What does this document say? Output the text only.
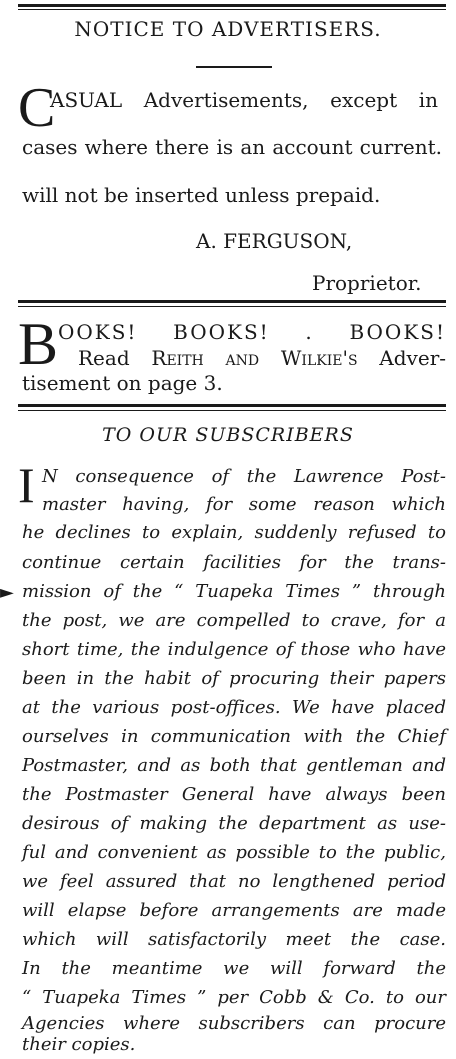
NOTICE TO ADVERTISERS.
C
ASUAL Advertisements, except in
cases where there is an account current.
will not be inserted unless prepaid.
A. FERGUSON,
Proprietor.
B OOKS! BOOKS! . BOOKS!
Read Reith and Wilkie's Adver-
tisement on page 3.
TO OUR SUBSCRIBERS
I
►
N consequence of the Lawrence Post-
master having, for some reason which
he declines to explain, suddenly refused to
continue certain facilities for the trans-
mission of the “ Tuapeka Times ” through
the post, we are compelled to crave, for a
short time, the indulgence of those who have
been in the habit of procuring their papers
at the various post-offices. We have placed
ourselves in communication with the Chief
Postmaster, and as both that gentleman and
the Postmaster General have always been
desirous of making the department as use-
ful and convenient as possible to the public,
we feel assured that no lengthened period
will elapse before arrangements are made
which will satisfactorily meet the case.
In the meantime we will forward the
“ Tuapeka Times ” per Cobb & Co. to our
Agencies where subscribers can procure
their copies.
